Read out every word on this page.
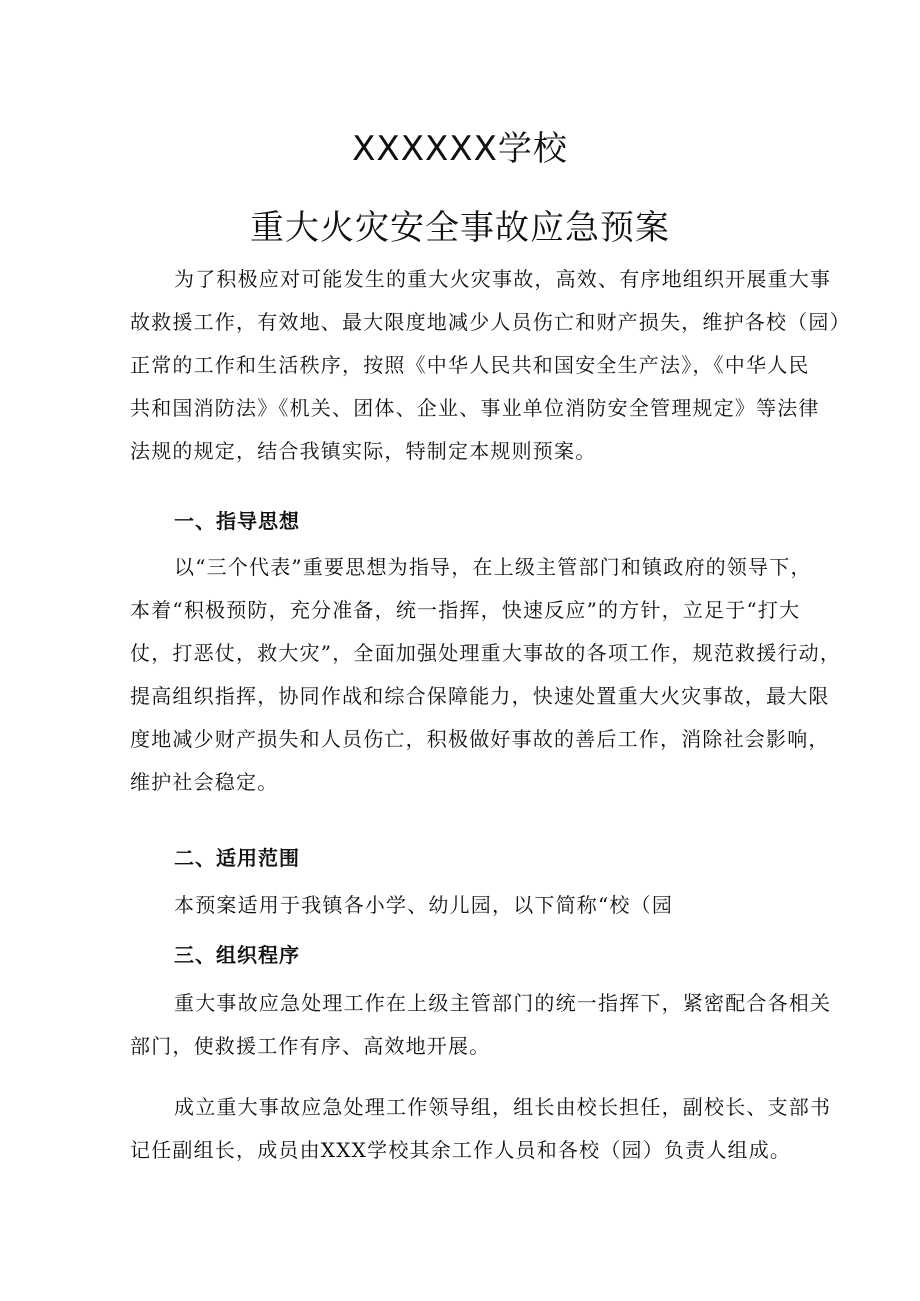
XXXXXX学校
重大火灾安全事故应急预案
为了积极应对可能发生的重大火灾事故，高效、有序地组织开展重大事
故救援工作，有效地、最大限度地减少人员伤亡和财产损失，维护各校（园）
正常的工作和生活秩序，按照《中华人民共和国安全生产法》，《中华人民
共和国消防法》《机关、团体、企业、事业单位消防安全管理规定》等法律
法规的规定，结合我镇实际，特制定本规则预案。
一、指导思想
以“三个代表”重要思想为指导，在上级主管部门和镇政府的领导下，
本着“积极预防，充分准备，统一指挥，快速反应”的方针，立足于“打大
仗，打恶仗，救大灾”，全面加强处理重大事故的各项工作，规范救援行动，
提高组织指挥，协同作战和综合保障能力，快速处置重大火灾事故，最大限
度地减少财产损失和人员伤亡，积极做好事故的善后工作，消除社会影响，
维护社会稳定。
二、适用范围
本预案适用于我镇各小学、幼儿园，以下简称“校（园
三、组织程序
重大事故应急处理工作在上级主管部门的统一指挥下，紧密配合各相关
部门，使救援工作有序、高效地开展。
成立重大事故应急处理工作领导组，组长由校长担任，副校长、支部书
记任副组长，成员由XXX学校其余工作人员和各校（园）负责人组成。
